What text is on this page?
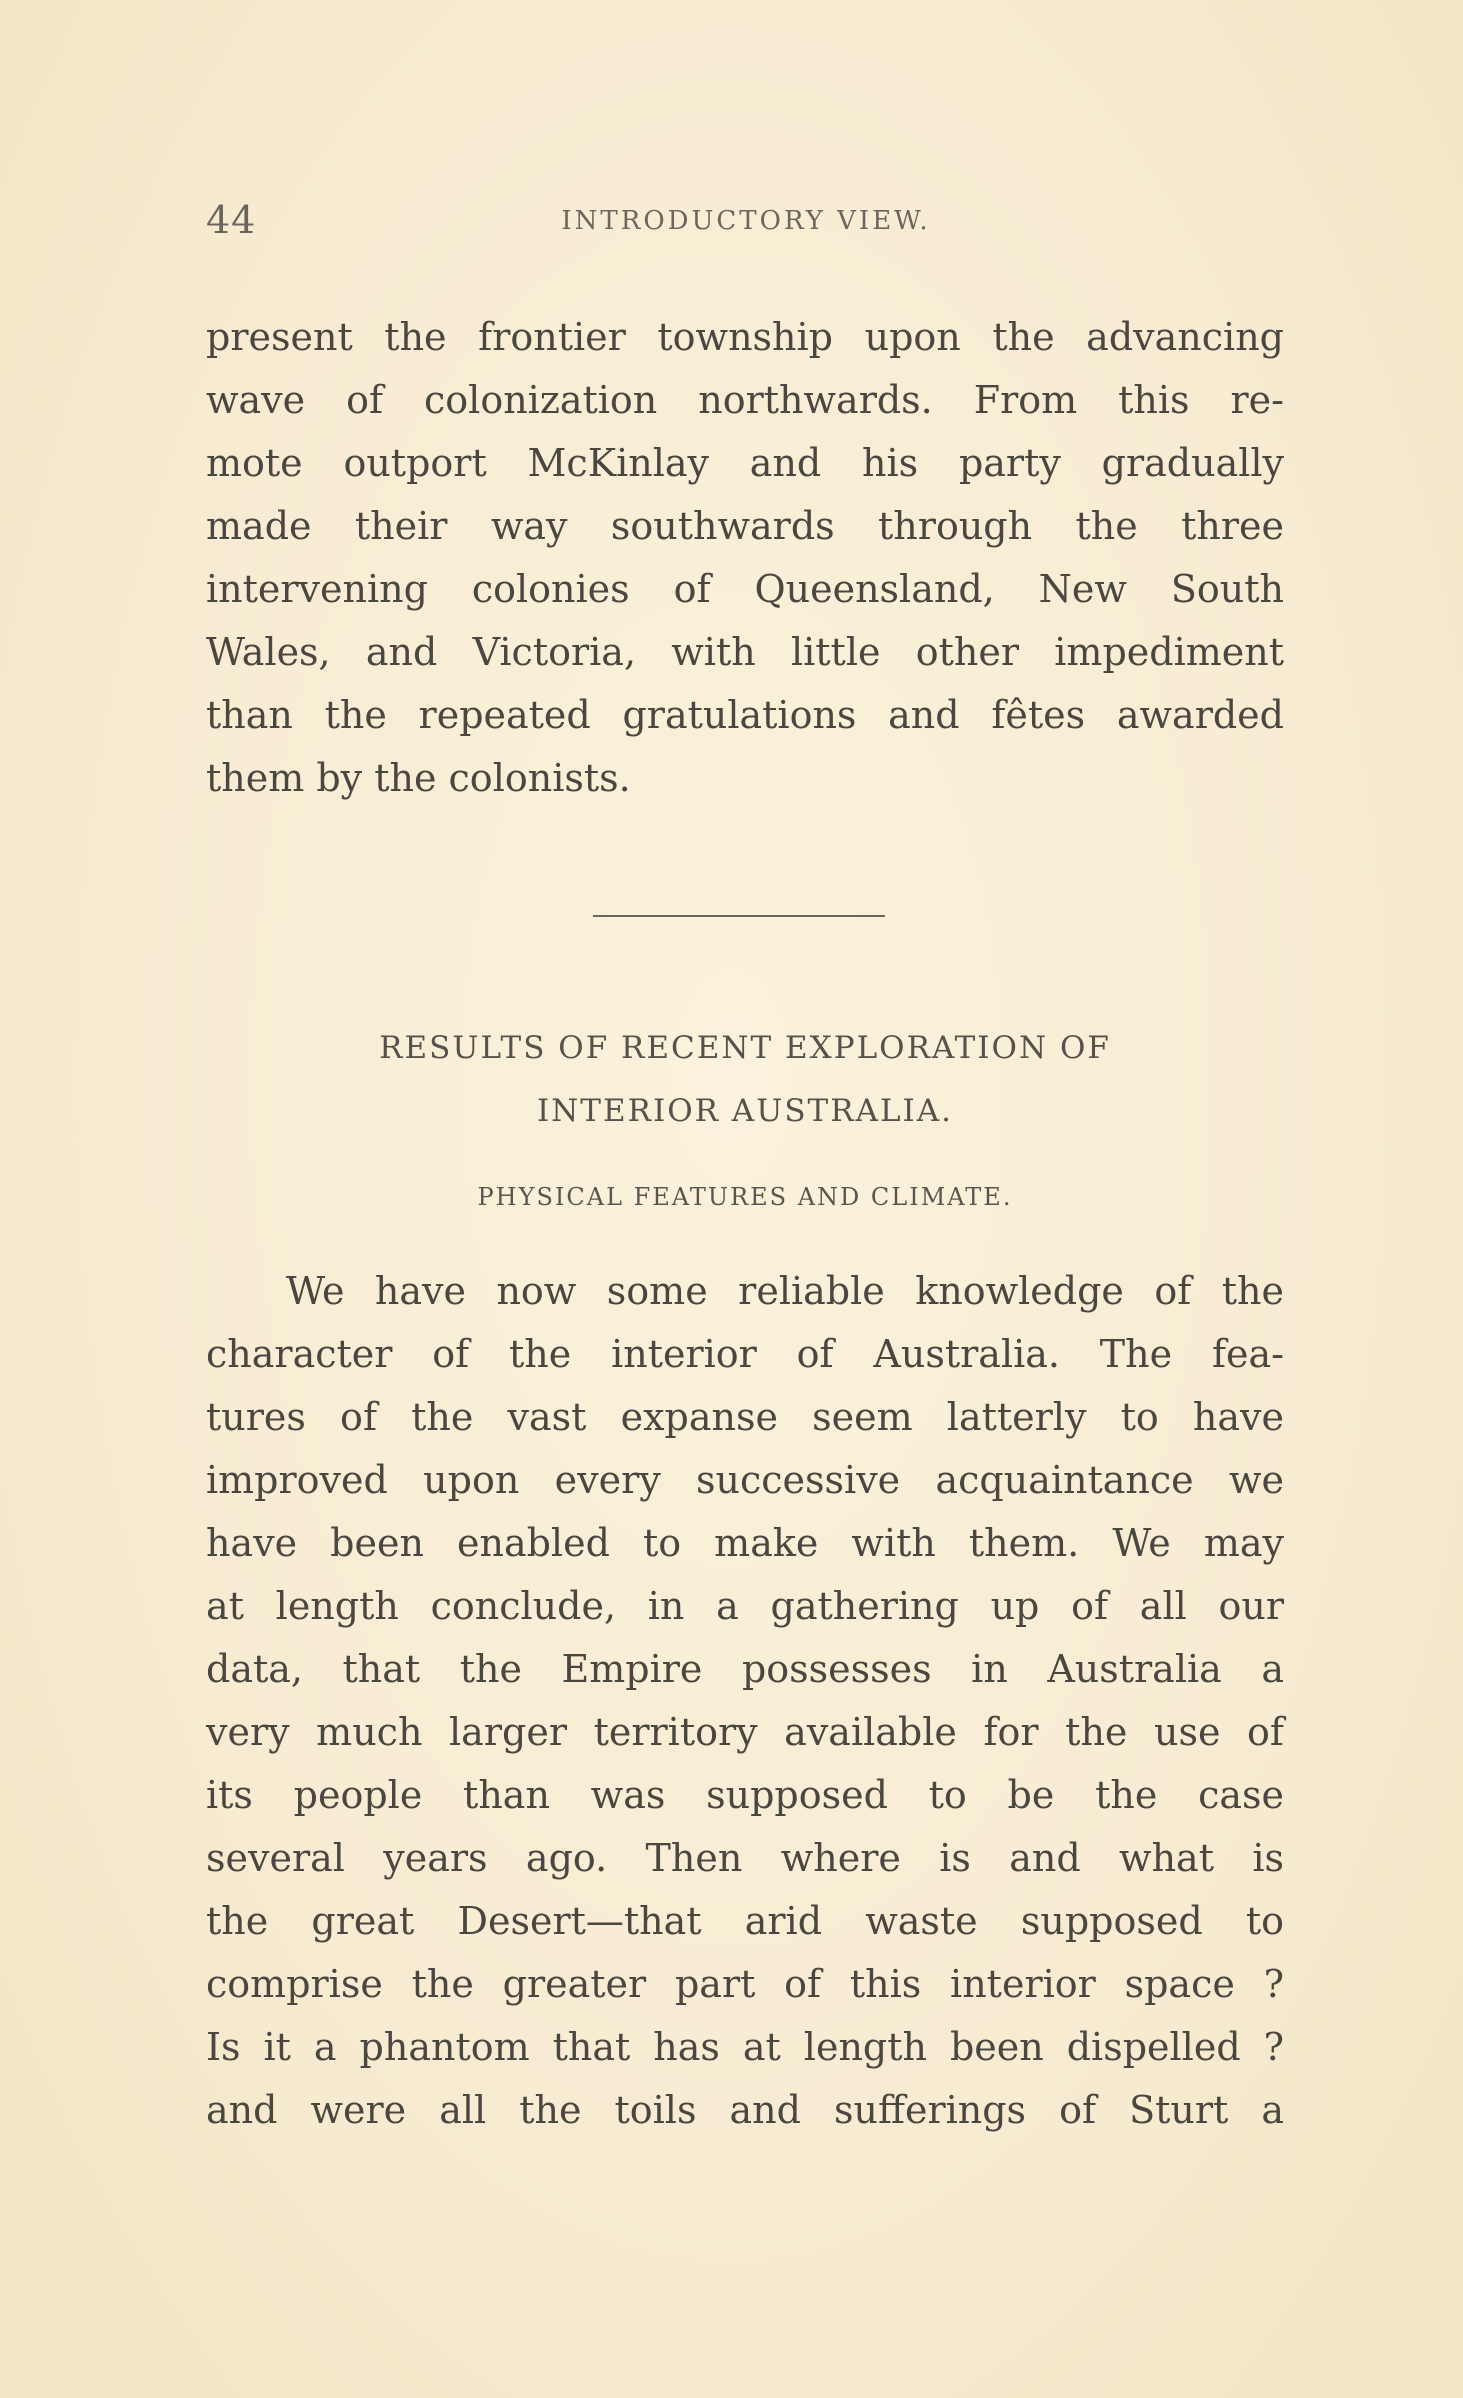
44	INTRODUCTORY VIEW.

present the frontier township upon the advancing
wave of colonization northwards. From this re-
mote outport McKinlay and his party gradually
made their way southwards through the three
intervening colonies of Queensland, New South
Wales, and Victoria, with little other impediment
than the repeated gratulations and fêtes awarded
them by the colonists.

RESULTS OF RECENT EXPLORATION OF
INTERIOR AUSTRALIA.
PHYSICAL FEATURES AND CLIMATE.

We have now some reliable knowledge of the
character of the interior of Australia. The fea-
tures of the vast expanse seem latterly to have
improved upon every successive acquaintance we
have been enabled to make with them. We may
at length conclude, in a gathering up of all our
data, that the Empire possesses in Australia a
very much larger territory available for the use of
its people than was supposed to be the case
several years ago. Then where is and what is
the great Desert—that arid waste supposed to
comprise the greater part of this interior space ?
Is it a phantom that has at length been dispelled ?
and were all the toils and sufferings of Sturt a
